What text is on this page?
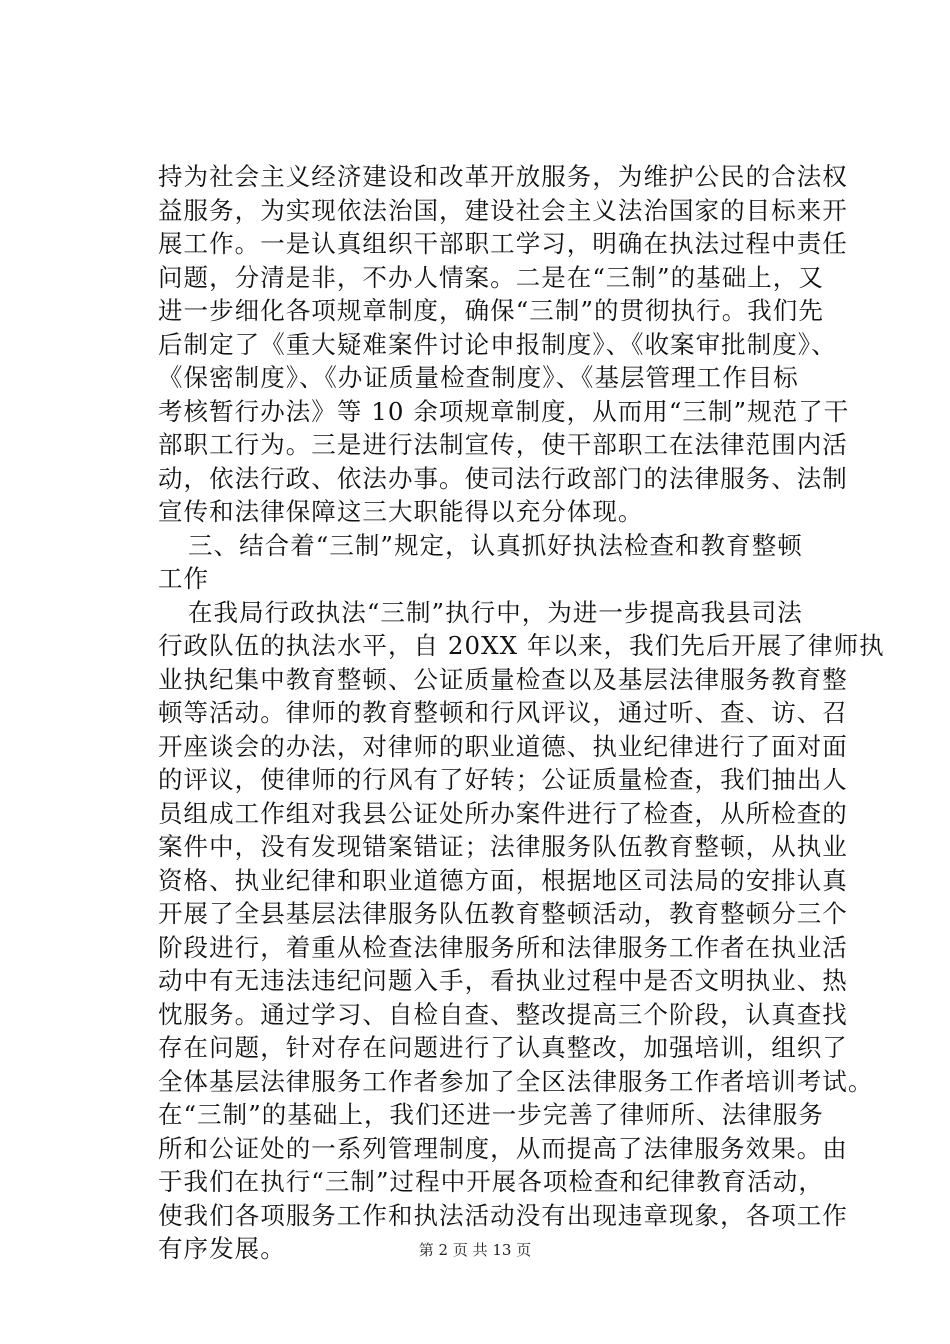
持为社会主义经济建设和改革开放服务，为维护公民的合法权
益服务，为实现依法治国，建设社会主义法治国家的目标来开
展工作。一是认真组织干部职工学习，明确在执法过程中责任
问题，分清是非，不办人情案。二是在“三制”的基础上，又
进一步细化各项规章制度，确保“三制”的贯彻执行。我们先
后制定了《重大疑难案件讨论申报制度》、《收案审批制度》、
《保密制度》、《办证质量检查制度》、《基层管理工作目标
考核暂行办法》等 10 余项规章制度，从而用“三制”规范了干
部职工行为。三是进行法制宣传，使干部职工在法律范围内活
动，依法行政、依法办事。使司法行政部门的法律服务、法制
宣传和法律保障这三大职能得以充分体现。
三、结合着“三制”规定，认真抓好执法检查和教育整顿
工作
在我局行政执法“三制”执行中，为进一步提高我县司法
行政队伍的执法水平，自 20XX 年以来，我们先后开展了律师执
业执纪集中教育整顿、公证质量检查以及基层法律服务教育整
顿等活动。律师的教育整顿和行风评议，通过听、查、访、召
开座谈会的办法，对律师的职业道德、执业纪律进行了面对面
的评议，使律师的行风有了好转；公证质量检查，我们抽出人
员组成工作组对我县公证处所办案件进行了检查，从所检查的
案件中，没有发现错案错证；法律服务队伍教育整顿，从执业
资格、执业纪律和职业道德方面，根据地区司法局的安排认真
开展了全县基层法律服务队伍教育整顿活动，教育整顿分三个
阶段进行，着重从检查法律服务所和法律服务工作者在执业活
动中有无违法违纪问题入手，看执业过程中是否文明执业、热
忱服务。通过学习、自检自查、整改提高三个阶段，认真查找
存在问题，针对存在问题进行了认真整改，加强培训，组织了
全体基层法律服务工作者参加了全区法律服务工作者培训考试。
在“三制”的基础上，我们还进一步完善了律师所、法律服务
所和公证处的一系列管理制度，从而提高了法律服务效果。由
于我们在执行“三制”过程中开展各项检查和纪律教育活动，
使我们各项服务工作和执法活动没有出现违章现象，各项工作
有序发展。	第 2 页 共 13 页
